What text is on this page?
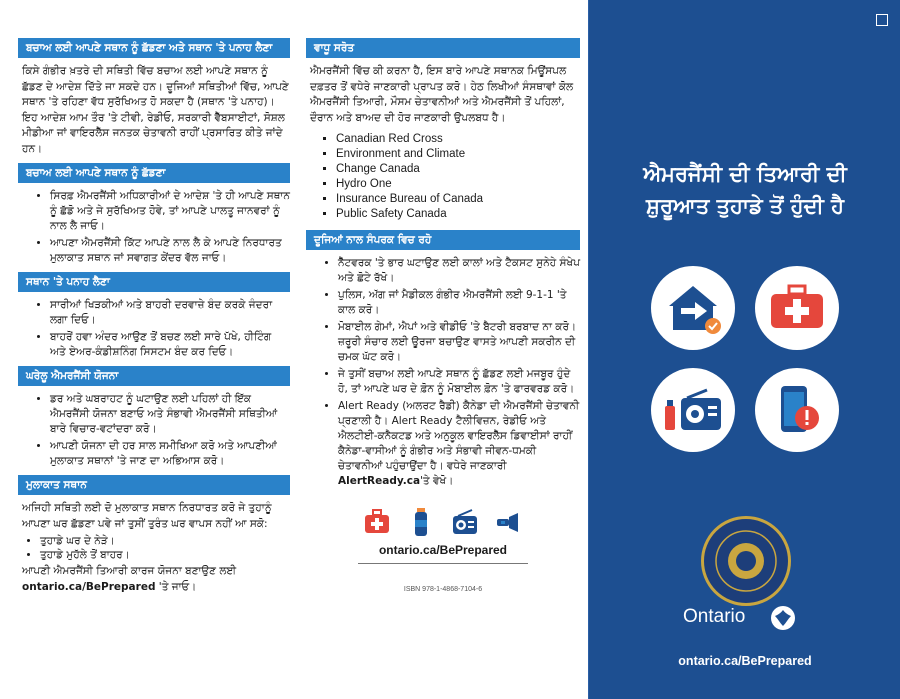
ਬਚਾਅ ਲਈ ਆਪਣੇ ਸਥਾਨ ਨੂੰ ਛੱਡਣਾ ਅਤੇ ਸਥਾਨ 'ਤੇ ਪਨਾਹ ਲੈਣਾ

ਕਿਸੇ ਗੰਭੀਰ ਖ਼ਤਰੇ ਦੀ ਸਥਿਤੀ ਵਿੱਚ ਬਚਾਅ ਲਈ ਆਪਣੇ ਸਥਾਨ ਨੂੰ ਛੱਡਣ ਦੇ ਆਦੇਸ਼ ਦਿੱਤੇ ਜਾ ਸਕਦੇ ਹਨ। ਦੂਜਿਆਂ ਸਥਿਤੀਆਂ ਵਿੱਚ, ਆਪਣੇ ਸਥਾਨ 'ਤੇ ਰਹਿਣਾ ਵੱਧ ਸੁਰੱਖਿਅਤ ਹੋ ਸਕਦਾ ਹੈ (ਸਥਾਨ 'ਤੇ ਪਨਾਹ)। ਇਹ ਆਦੇਸ਼ ਆਮ ਤੌਰ 'ਤੇ ਟੀਵੀ, ਰੇਡੀਓ, ਸਰਕਾਰੀ ਵੈੱਬਸਾਈਟਾਂ, ਸੋਸ਼ਲ ਮੀਡੀਆ ਜਾਂ ਵਾਇਰਲੈੱਸ ਜਨਤਕ ਚੇਤਾਵਨੀ ਰਾਹੀਂ ਪ੍ਰਸਾਰਿਤ ਕੀਤੇ ਜਾਂਦੇ ਹਨ।

ਬਚਾਅ ਲਈ ਆਪਣੇ ਸਥਾਨ ਨੂੰ ਛੱਡਣਾ
• ਸਿਰਫ਼ ਐਮਰਜੈਂਸੀ ਅਧਿਕਾਰੀਆਂ ਦੇ ਆਦੇਸ਼ 'ਤੇ ਹੀ ਆਪਣੇ ਸਥਾਨ ਨੂੰ ਛੱਡੋ ਅਤੇ ਜੇ ਸੁਰੱਖਿਅਤ ਹੋਵੇ, ਤਾਂ ਆਪਣੇ ਪਾਲਤੂ ਜਾਨਵਰਾਂ ਨੂੰ ਨਾਲ ਲੈ ਜਾਓ।
• ਆਪਣਾ ਐਮਰਜੈਂਸੀ ਕਿੱਟ ਆਪਣੇ ਨਾਲ ਲੈ ਕੇ ਆਪਣੇ ਨਿਰਧਾਰਤ ਮੁਲਾਕਾਤ ਸਥਾਨ ਜਾਂ ਸਵਾਗਤ ਕੇਂਦਰ ਵੱਲ ਜਾਓ।
ਸਥਾਨ 'ਤੇ ਪਨਾਹ ਲੈਣਾ
• ਸਾਰੀਆਂ ਖਿੜਕੀਆਂ ਅਤੇ ਬਾਹਰੀ ਦਰਵਾਜ਼ੇ ਬੰਦ ਕਰਕੇ ਜੰਦਰਾ ਲਗਾ ਦਿਓ।
• ਬਾਹਰੋਂ ਹਵਾ ਅੰਦਰ ਆਉਣ ਤੋਂ ਬਚਣ ਲਈ ਸਾਰੇ ਪੱਖੇ, ਹੀਟਿੰਗ ਅਤੇ ਏਅਰ-ਕੰਡੀਸ਼ਨਿੰਗ ਸਿਸਟਮ ਬੰਦ ਕਰ ਦਿਓ।
ਘਰੇਲੂ ਐਮਰਜੈਂਸੀ ਯੋਜਨਾ
• ਡਰ ਅਤੇ ਘਬਰਾਹਟ ਨੂੰ ਘਟਾਉਣ ਲਈ ਪਹਿਲਾਂ ਹੀ ਇੱਕ ਐਮਰਜੈਂਸੀ ਯੋਜਨਾ ਬਣਾਓ ਅਤੇ ਸੰਭਾਵੀ ਐਮਰਜੈਂਸੀ ਸਥਿਤੀਆਂ ਬਾਰੇ ਵਿਚਾਰ-ਵਟਾਂਦਰਾ ਕਰੋ।
• ਆਪਣੀ ਯੋਜਨਾ ਦੀ ਹਰ ਸਾਲ ਸਮੀਖਿਆ ਕਰੋ ਅਤੇ ਆਪਣੀਆਂ ਮੁਲਾਕਾਤ ਸਥਾਨਾਂ 'ਤੇ ਜਾਣ ਦਾ ਅਭਿਆਸ ਕਰੋ।
ਮੁਲਾਕਾਤ ਸਥਾਨ

ਅਜਿਹੀ ਸਥਿਤੀ ਲਈ ਦੋ ਮੁਲਾਕਾਤ ਸਥਾਨ ਨਿਰਧਾਰਤ ਕਰੋ ਜੇ ਤੁਹਾਨੂੰ ਆਪਣਾ ਘਰ ਛੱਡਣਾ ਪਵੇ ਜਾਂ ਤੁਸੀਂ ਤੁਰੰਤ ਘਰ ਵਾਪਸ ਨਹੀਂ ਆ ਸਕੋ:

• ਤੁਹਾਡੇ ਘਰ ਦੇ ਨੇੜੇ।
• ਤੁਹਾਡੇ ਮੁਹੱਲੇ ਤੋਂ ਬਾਹਰ।

ਆਪਣੀ ਐਮਰਜੈਂਸੀ ਤਿਆਰੀ ਕਾਰਜ ਯੋਜਨਾ ਬਣਾਉਣ ਲਈ
ontario.ca/BePrepared 'ਤੇ ਜਾਓ।

ਵਾਧੂ ਸਰੋਤ

ਐਮਰਜੈਂਸੀ ਵਿੱਚ ਕੀ ਕਰਨਾ ਹੈ, ਇਸ ਬਾਰੇ ਆਪਣੇ ਸਥਾਨਕ ਮਿਊਂਸਪਲ ਦਫ਼ਤਰ ਤੋਂ ਵਧੇਰੇ ਜਾਣਕਾਰੀ ਪ੍ਰਾਪਤ ਕਰੋ। ਹੇਠ ਲਿਖੀਆਂ ਸੰਸਥਾਵਾਂ ਕੋਲ ਐਮਰਜੈਂਸੀ ਤਿਆਰੀ, ਮੌਸਮ ਚੇਤਾਵਨੀਆਂ ਅਤੇ ਐਮਰਜੈਂਸੀ ਤੋਂ ਪਹਿਲਾਂ, ਦੌਰਾਨ ਅਤੇ ਬਾਅਦ ਦੀ ਹੋਰ ਜਾਣਕਾਰੀ ਉਪਲਬਧ ਹੈ।

▪ Canadian Red Cross
▪ Environment and Climate
▪ Change Canada
▪ Hydro One
▪ Insurance Bureau of Canada
▪ Public Safety Canada
ਦੂਜਿਆਂ ਨਾਲ ਸੰਪਰਕ ਵਿਚ ਰਹੋ
• ਨੈੱਟਵਰਕ 'ਤੇ ਭਾਰ ਘਟਾਉਣ ਲਈ ਕਾਲਾਂ ਅਤੇ ਟੈਕਸਟ ਸੁਨੇਹੇ ਸੰਖੇਪ ਅਤੇ ਛੋਟੇ ਰੱਖੋ।
• ਪੁਲਿਸ, ਅੱਗ ਜਾਂ ਮੈਡੀਕਲ ਗੰਭੀਰ ਐਮਰਜੈਂਸੀ ਲਈ 9-1-1 'ਤੇ ਕਾਲ ਕਰੋ।
• ਮੋਬਾਈਲ ਗੇਮਾਂ, ਐਪਾਂ ਅਤੇ ਵੀਡੀਓ 'ਤੇ ਬੈਟਰੀ ਬਰਬਾਦ ਨਾ ਕਰੋ। ਜ਼ਰੂਰੀ ਸੰਚਾਰ ਲਈ ਊਰਜਾ ਬਚਾਉਣ ਵਾਸਤੇ ਆਪਣੀ ਸਕਰੀਨ ਦੀ ਚਮਕ ਘੱਟ ਕਰੋ।
• ਜੇ ਤੁਸੀਂ ਬਚਾਅ ਲਈ ਆਪਣੇ ਸਥਾਨ ਨੂੰ ਛੱਡਣ ਲਈ ਮਜਬੂਰ ਹੁੰਦੇ ਹੋ, ਤਾਂ ਆਪਣੇ ਘਰ ਦੇ ਫ਼ੋਨ ਨੂੰ ਮੋਬਾਈਲ ਫ਼ੋਨ 'ਤੇ ਫਾਰਵਰਡ ਕਰੋ।
• Alert Ready (ਅਲਰਟ ਰੈਡੀ) ਕੈਨੇਡਾ ਦੀ ਐਮਰਜੈਂਸੀ ਚੇਤਾਵਨੀ ਪ੍ਰਣਾਲੀ ਹੈ। Alert Ready ਟੈਲੀਵਿਜ਼ਨ, ਰੇਡੀਓ ਅਤੇ ਐਲਟੀਈ-ਕਨੈਕਟਡ ਅਤੇ ਅਨੁਕੂਲ ਵਾਇਰਲੈੱਸ ਡਿਵਾਈਸਾਂ ਰਾਹੀਂ ਕੈਨੇਡਾ-ਵਾਸੀਆਂ ਨੂੰ ਗੰਭੀਰ ਅਤੇ ਸੰਭਾਵੀ ਜੀਵਨ-ਧਮਕੀ ਚੇਤਾਵਨੀਆਂ ਪਹੁੰਚਾਉਂਦਾ ਹੈ। ਵਧੇਰੇ ਜਾਣਕਾਰੀ AlertReady.ca'ਤੇ ਵੇਖੋ।
ontario.ca/BePrepared
ISBN 978-1-4868-7104-6
ਐਮਰਜੈਂਸੀ ਦੀ ਤਿਆਰੀ ਦੀ ਸ਼ੁਰੂਆਤ ਤੁਹਾਡੇ ਤੋਂ ਹੁੰਦੀ ਹੈ
Ontario
ontario.ca/BePrepared
